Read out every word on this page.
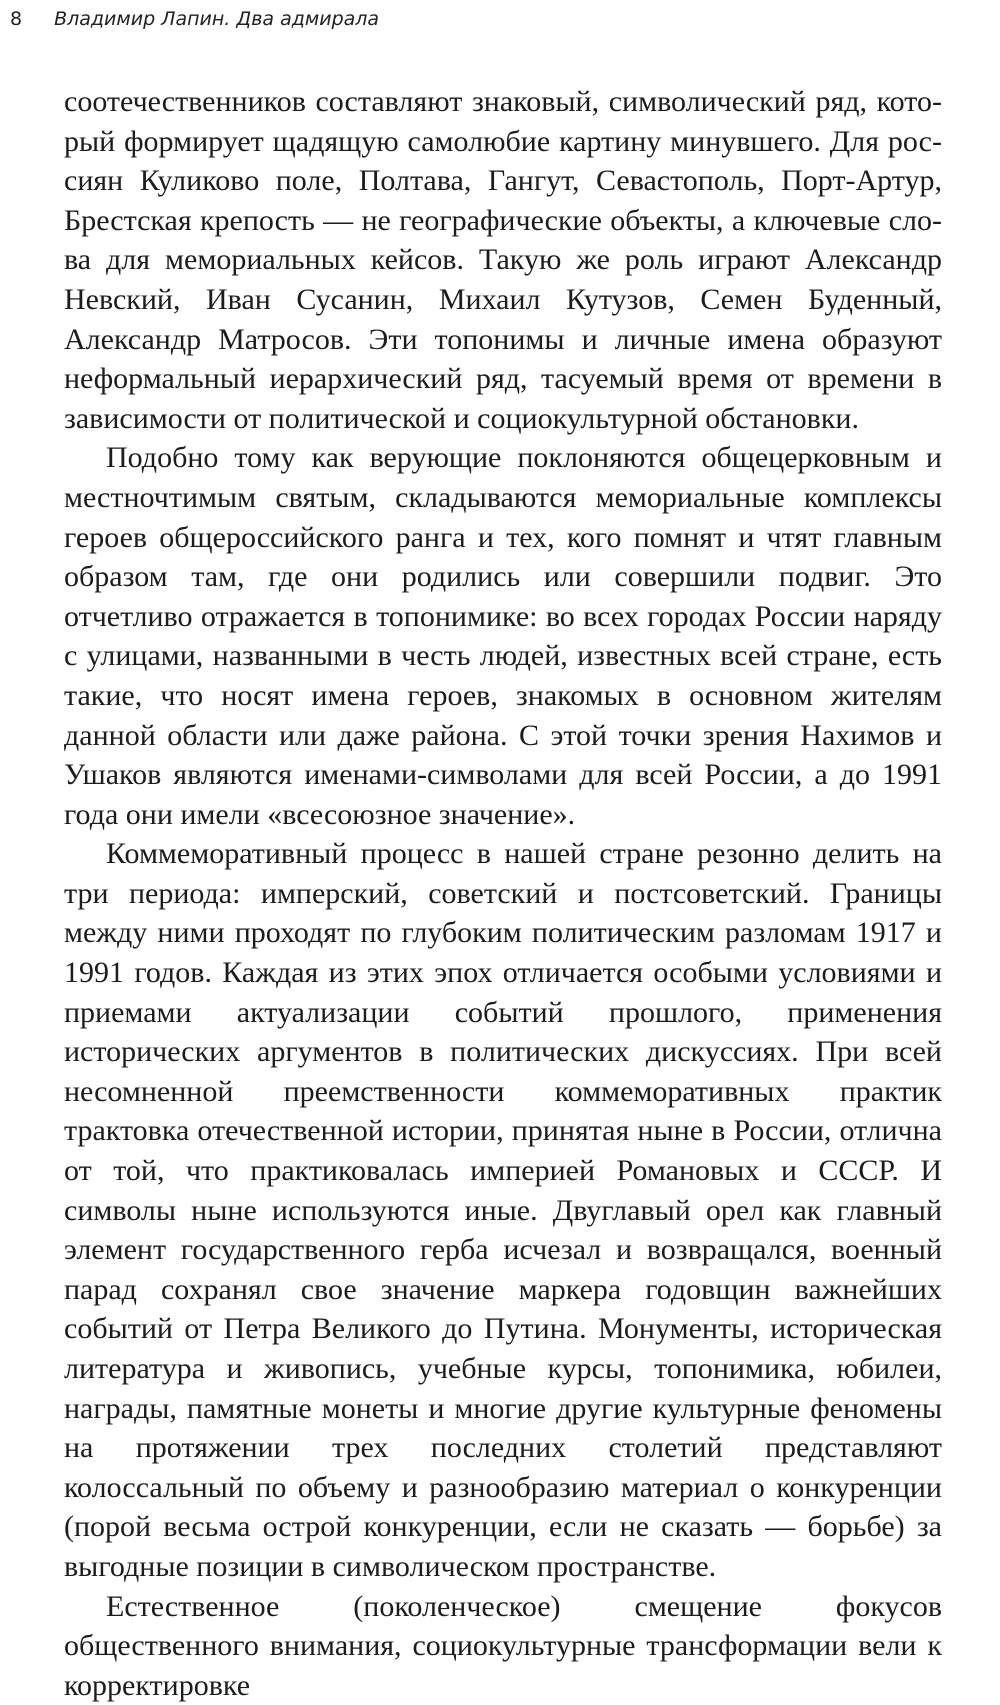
8 Владимир Лапин. Два адмирала

соотечественников составляют знаковый, символический ряд, который формирует щадящую самолюбие картину минувшего. Для россиян Куликово поле, Полтава, Гангут, Севастополь, Порт-Артур, Брестская крепость — не географические объекты, а ключевые слова для мемориальных кейсов. Такую же роль играют Александр Невский, Иван Сусанин, Михаил Кутузов, Семен Буденный, Александр Матросов. Эти топонимы и личные имена образуют неформальный иерархический ряд, тасуемый время от времени в зависимости от политической и социокультурной обстановки.

Подобно тому как верующие поклоняются общецерковным и местночтимым святым, складываются мемориальные комплексы героев общероссийского ранга и тех, кого помнят и чтят главным образом там, где они родились или совершили подвиг. Это отчетливо отражается в топонимике: во всех городах России наряду с улицами, названными в честь людей, известных всей стране, есть такие, что носят имена героев, знакомых в основном жителям данной области или даже района. С этой точки зрения Нахимов и Ушаков являются именами-символами для всей России, а до 1991 года они имели «всесоюзное значение».

Коммеморативный процесс в нашей стране резонно делить на три периода: имперский, советский и постсоветский. Границы между ними проходят по глубоким политическим разломам 1917 и 1991 годов. Каждая из этих эпох отличается особыми условиями и приемами актуализации событий прошлого, применения исторических аргументов в политических дискуссиях. При всей несомненной преемственности коммеморативных практик трактовка отечественной истории, принятая ныне в России, отлична от той, что практиковалась империей Романовых и СССР. И символы ныне используются иные. Двуглавый орел как главный элемент государственного герба исчезал и возвращался, военный парад сохранял свое значение маркера годовщин важнейших событий от Петра Великого до Путина. Монументы, историческая литература и живопись, учебные курсы, топонимика, юбилеи, награды, памятные монеты и многие другие культурные феномены на протяжении трех последних столетий представляют колоссальный по объему и разнообразию материал о конкуренции (порой весьма острой конкуренции, если не сказать — борьбе) за выгодные позиции в символическом пространстве.

Естественное (поколенческое) смещение фокусов общественного внимания, социокультурные трансформации вели к корректировке
